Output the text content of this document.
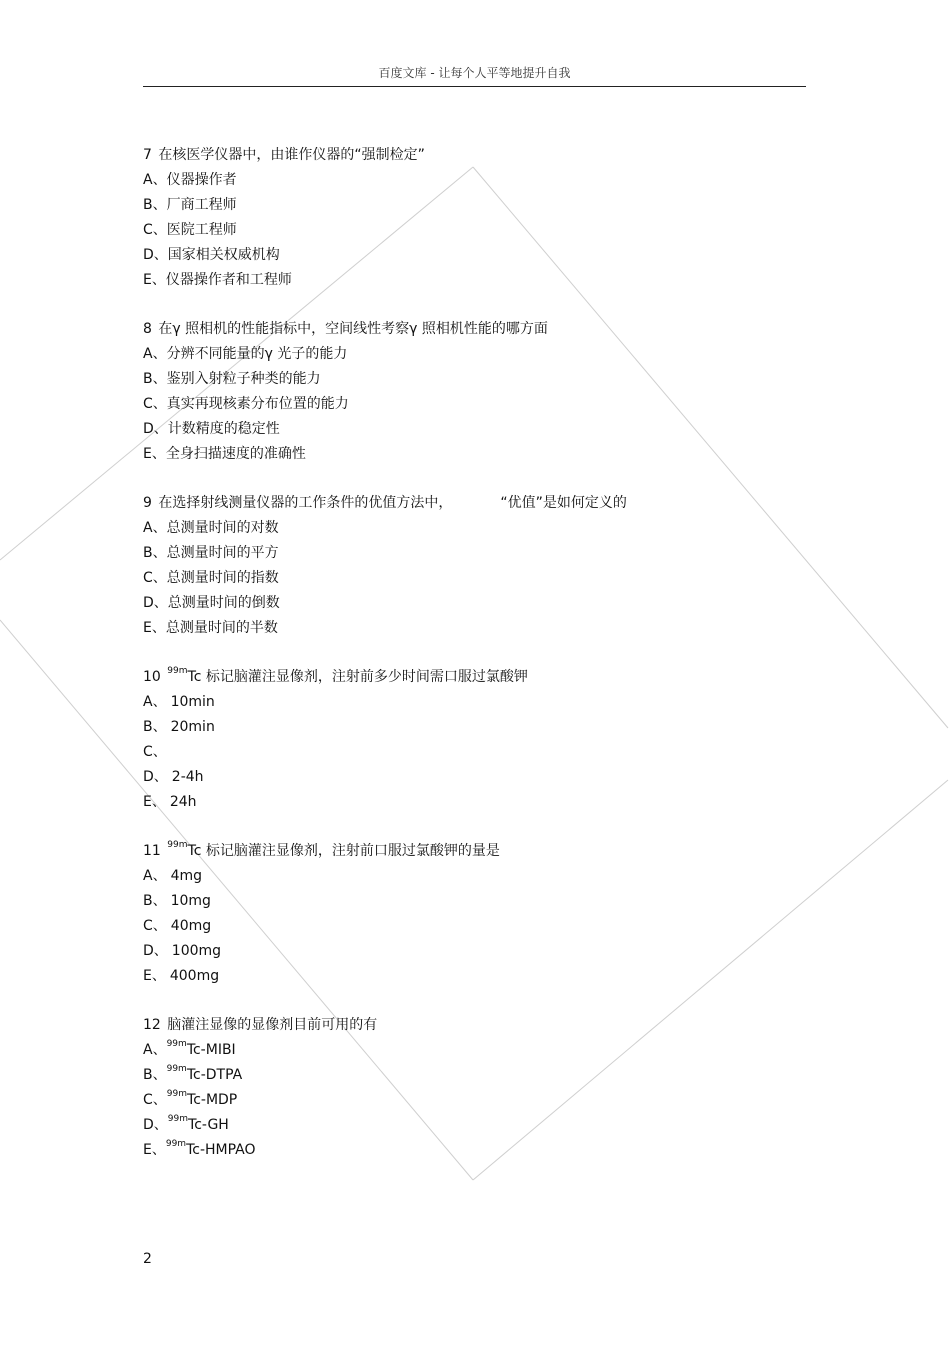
百度文库 - 让每个人平等地提升自我
7 在核医学仪器中，由谁作仪器的“强制检定”
A、仪器操作者
B、厂商工程师
C、医院工程师
D、国家相关权威机构
E、仪器操作者和工程师
8 在γ 照相机的性能指标中，空间线性考察γ 照相机性能的哪方面
A、分辨不同能量的γ 光子的能力
B、鉴别入射粒子种类的能力
C、真实再现核素分布位置的能力
D、计数精度的稳定性
E、全身扫描速度的准确性
9 在选择射线测量仪器的工作条件的优值方法中，	“优值”是如何定义的
A、总测量时间的对数
B、总测量时间的平方
C、总测量时间的指数
D、总测量时间的倒数
E、总测量时间的半数
10 $^{99m}$Tc 标记脑灌注显像剂，注射前多少时间需口服过氯酸钾
A、 10min
B、 20min
C、
D、 2-4h
E、 24h
11 $^{99m}$Tc 标记脑灌注显像剂，注射前口服过氯酸钾的量是
A、 4mg
B、 10mg
C、 40mg
D、 100mg
E、 400mg
12 脑灌注显像的显像剂目前可用的有
A、$^{99m}$Tc-MIBI
B、$^{99m}$Tc-DTPA
C、$^{99m}$Tc-MDP
D、$^{99m}$Tc-GH
E、$^{99m}$Tc-HMPAO
2
